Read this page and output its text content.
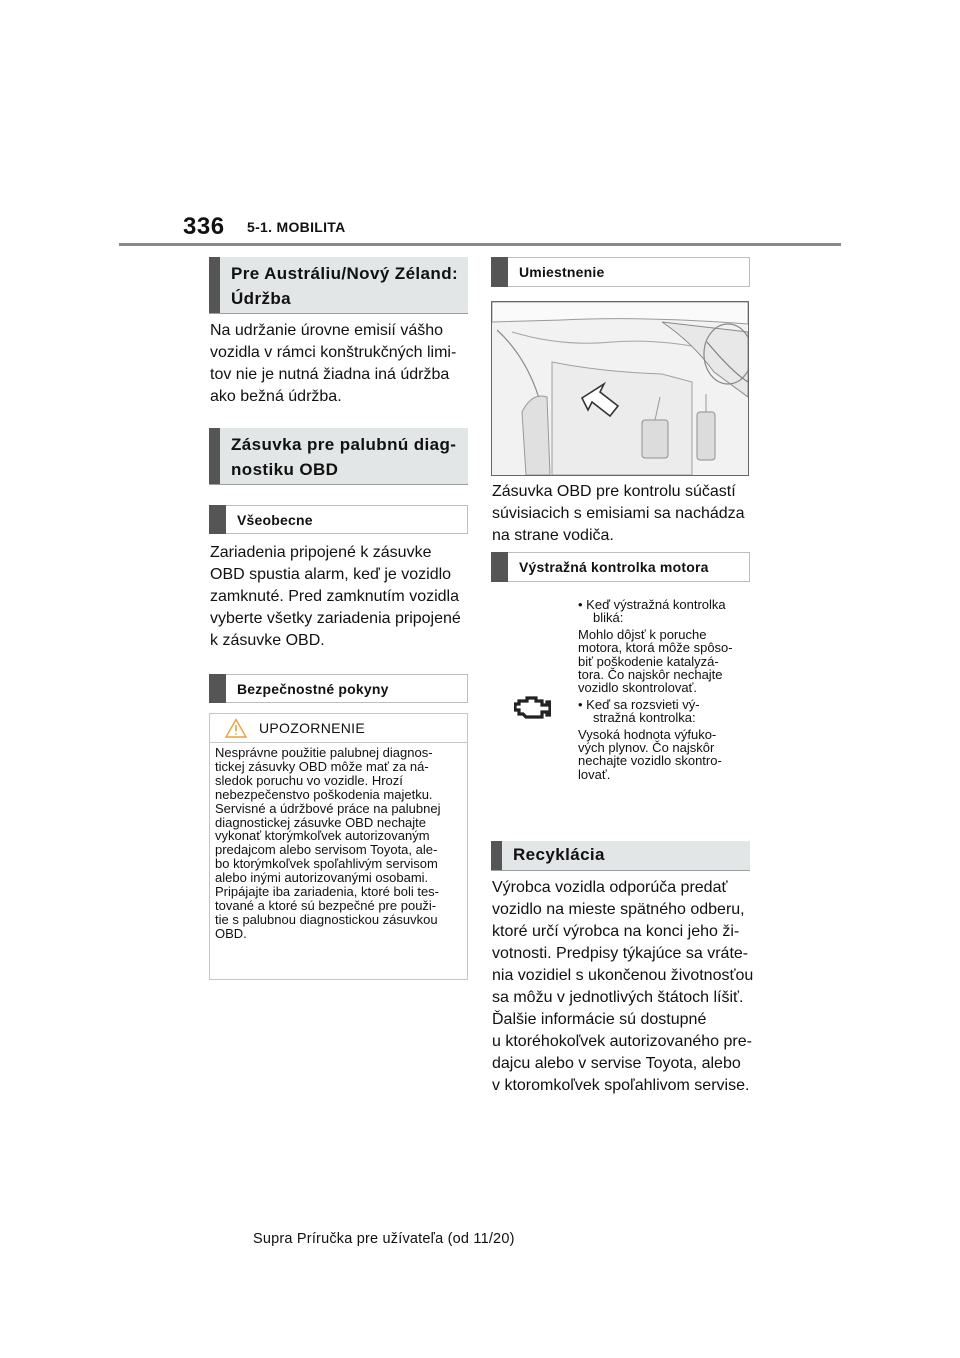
336 5-1. MOBILITA
Pre Austráliu/Nový Zéland:
Údržba
Na udržanie úrovne emisií vášho
vozidla v rámci konštrukčných limi-
tov nie je nutná žiadna iná údržba
ako bežná údržba.
Zásuvka pre palubnú diag-
nostiku OBD
Všeobecne
Zariadenia pripojené k zásuvke
OBD spustia alarm, keď je vozidlo
zamknuté. Pred zamknutím vozidla
vyberte všetky zariadenia pripojené
k zásuvke OBD.
Bezpečnostné pokyny
UPOZORNENIE
Nesprávne použitie palubnej diagnos-
tickej zásuvky OBD môže mať za ná-
sledok poruchu vo vozidle. Hrozí
nebezpečenstvo poškodenia majetku.
Servisné a údržbové práce na palubnej
diagnostickej zásuvke OBD nechajte
vykonať ktorýmkoľvek autorizovaným
predajcom alebo servisom Toyota, ale-
bo ktorýmkoľvek spoľahlivým servisom
alebo inými autorizovanými osobami.
Pripájajte iba zariadenia, ktoré boli tes-
tované a ktoré sú bezpečné pre použi-
tie s palubnou diagnostickou zásuvkou
OBD.
Umiestnenie
Zásuvka OBD pre kontrolu súčastí
súvisiacich s emisiami sa nachádza
na strane vodiča.
Výstražná kontrolka motora
• Keď výstražná kontrolka
bliká:
Mohlo dôjsť k poruche
motora, ktorá môže spôso-
biť poškodenie katalyzá-
tora. Čo najskôr nechajte
vozidlo skontrolovať.
• Keď sa rozsvieti vý-
stražná kontrolka:
Vysoká hodnota výfuko-
vých plynov. Čo najskôr
nechajte vozidlo skontro-
lovať.
Recyklácia
Výrobca vozidla odporúča predať
vozidlo na mieste spätného odberu,
ktoré určí výrobca na konci jeho ži-
votnosti. Predpisy týkajúce sa vráte-
nia vozidiel s ukončenou životnosťou
sa môžu v jednotlivých štátoch líšiť.
Ďalšie informácie sú dostupné
u ktoréhokoľvek autorizovaného pre-
dajcu alebo v servise Toyota, alebo
v ktoromkoľvek spoľahlivom servise.
Supra Príručka pre užívateľa (od 11/20)
